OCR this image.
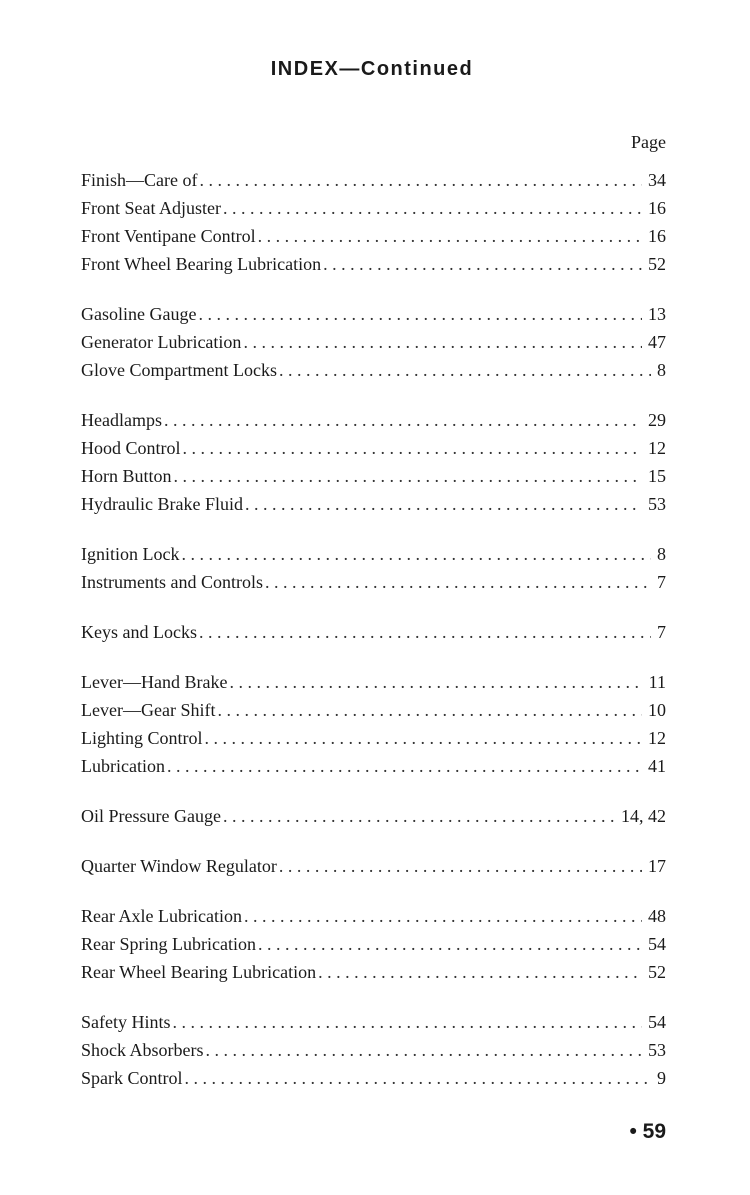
INDEX—Continued
Page
Finish—Care of . . .	34
Front Seat Adjuster . . .	16
Front Ventipane Control . . .	16
Front Wheel Bearing Lubrication . . .	52
Gasoline Gauge . . .	13
Generator Lubrication . . .	47
Glove Compartment Locks . . .	8
Headlamps . . .	29
Hood Control . . .	12
Horn Button . . .	15
Hydraulic Brake Fluid . . .	53
Ignition Lock . . .	8
Instruments and Controls . . .	7
Keys and Locks . . .	7
Lever—Hand Brake . . .	11
Lever—Gear Shift . . .	10
Lighting Control . . .	12
Lubrication . . .	41
Oil Pressure Gauge . . .	14, 42
Quarter Window Regulator . . .	17
Rear Axle Lubrication . . .	48
Rear Spring Lubrication . . .	54
Rear Wheel Bearing Lubrication . . .	52
Safety Hints . . .	54
Shock Absorbers . . .	53
Spark Control . . .	9
• 59
